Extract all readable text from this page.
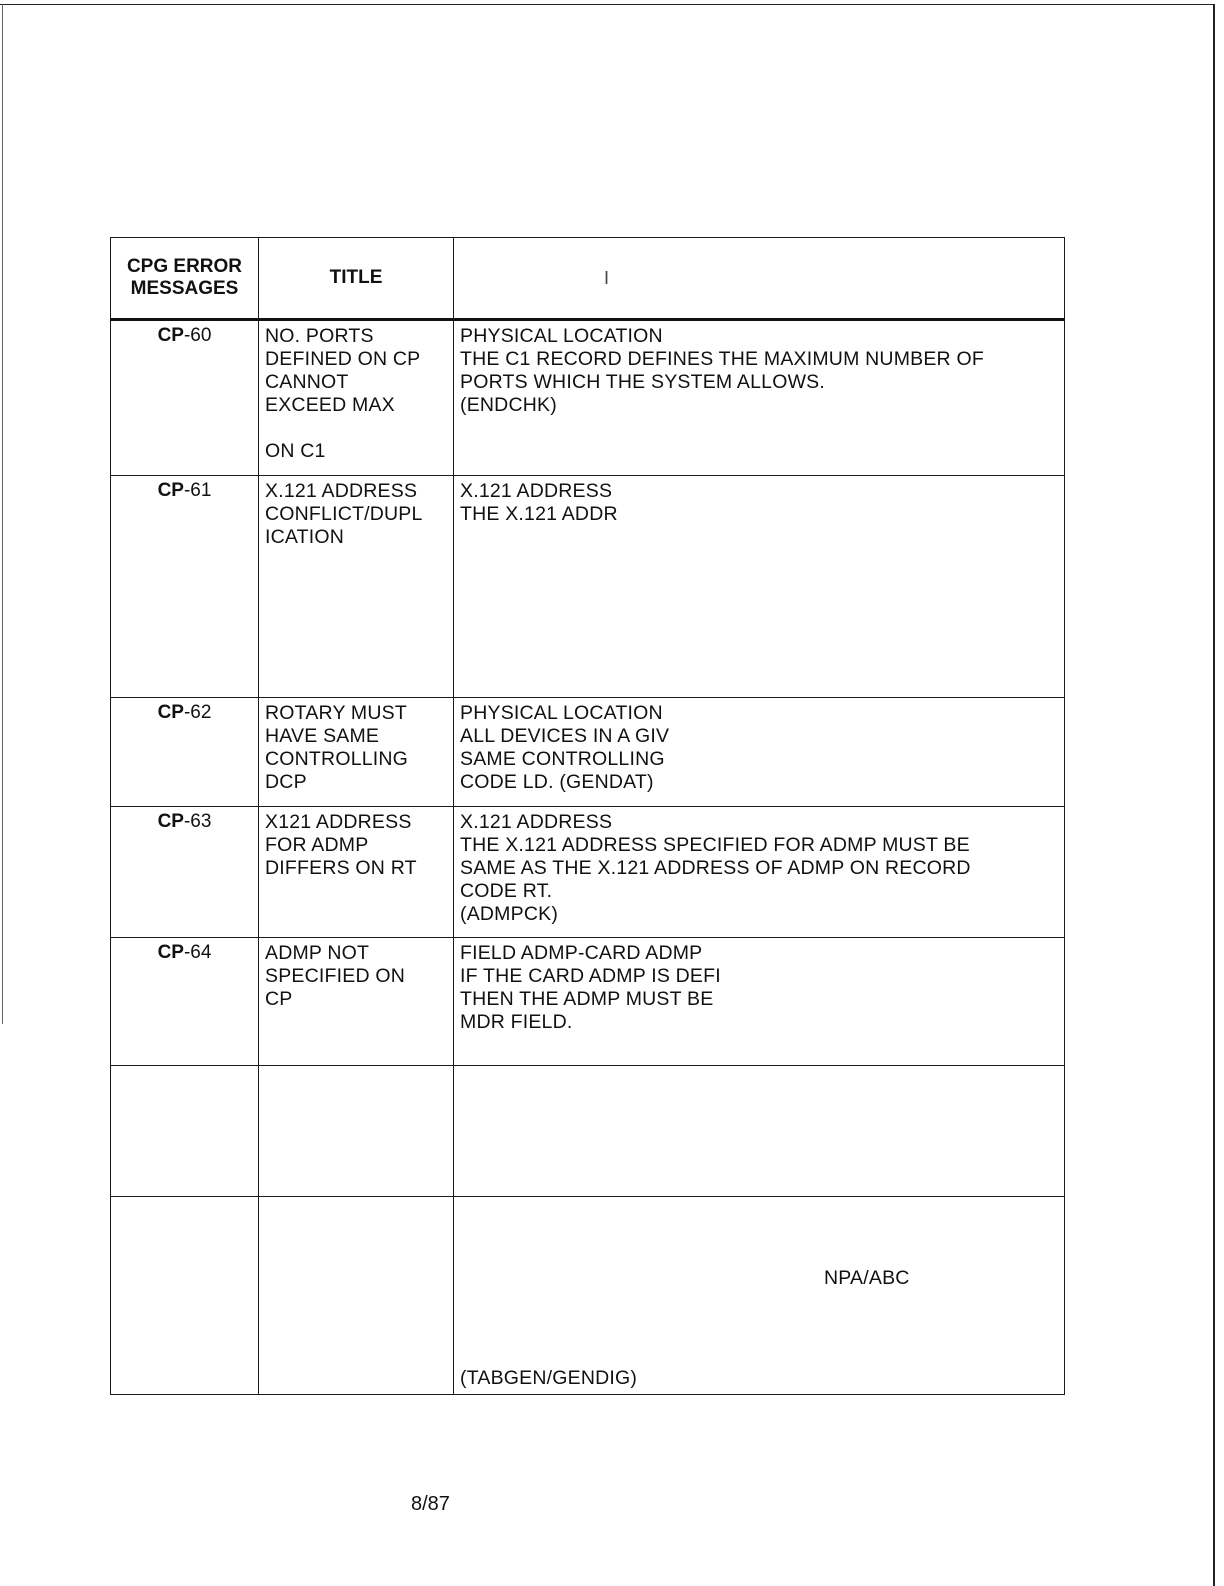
CPG ERROR MESSAGES	TITLE	I

CP-60	NO. PORTS
DEFINED ON CP
CANNOT
EXCEED MAX

ON C1	PHYSICAL LOCATION
THE C1 RECORD DEFINES THE MAXIMUM NUMBER OF
PORTS WHICH THE SYSTEM ALLOWS.
(ENDCHK)

CP-61	X.121 ADDRESS
CONFLICT/DUPL
ICATION	X.121 ADDRESS
THE X.121 ADDR

CP-62	ROTARY MUST
HAVE SAME
CONTROLLING
DCP	PHYSICAL LOCATION
ALL DEVICES IN A GIV
SAME CONTROLLING
CODE LD. (GENDAT)

CP-63	X121 ADDRESS
FOR ADMP
DIFFERS ON RT	X.121 ADDRESS
THE X.121 ADDRESS SPECIFIED FOR ADMP MUST BE
SAME AS THE X.121 ADDRESS OF ADMP ON RECORD
CODE RT.
(ADMPCK)

CP-64	ADMP NOT
SPECIFIED ON
CP	FIELD ADMP-CARD ADMP
IF THE CARD ADMP IS DEFI
THEN THE ADMP MUST BE
MDR FIELD.

		NPA/ABC
(TABGEN/GENDIG)
8/87
